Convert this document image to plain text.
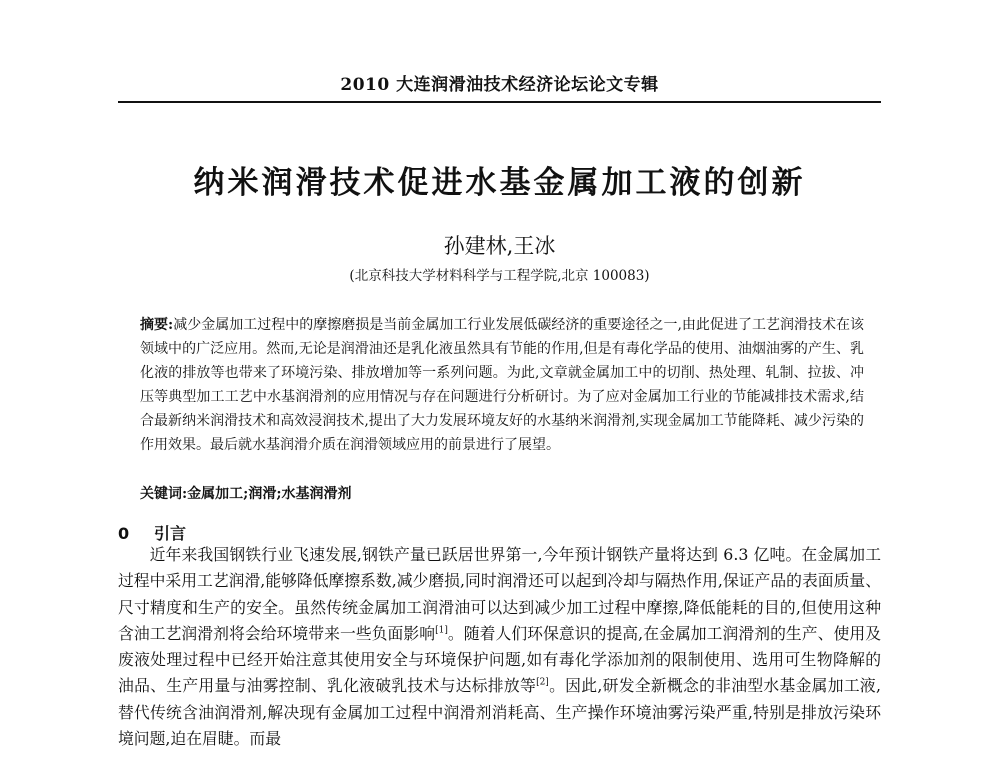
2010 大连润滑油技术经济论坛论文专辑
纳米润滑技术促进水基金属加工液的创新
孙建林,王冰
(北京科技大学材料科学与工程学院,北京 100083)
摘要:减少金属加工过程中的摩擦磨损是当前金属加工行业发展低碳经济的重要途径之一,由此促进了工艺润滑技术在该领域中的广泛应用。然而,无论是润滑油还是乳化液虽然具有节能的作用,但是有毒化学品的使用、油烟油雾的产生、乳化液的排放等也带来了环境污染、排放增加等一系列问题。为此,文章就金属加工中的切削、热处理、轧制、拉拔、冲压等典型加工工艺中水基润滑剂的应用情况与存在问题进行分析研讨。为了应对金属加工行业的节能减排技术需求,结合最新纳米润滑技术和高效浸润技术,提出了大力发展环境友好的水基纳米润滑剂,实现金属加工节能降耗、减少污染的作用效果。最后就水基润滑介质在润滑领域应用的前景进行了展望。
关键词:金属加工;润滑;水基润滑剂
0 引言
近年来我国钢铁行业飞速发展,钢铁产量已跃居世界第一,今年预计钢铁产量将达到 6.3 亿吨。在金属加工过程中采用工艺润滑,能够降低摩擦系数,减少磨损,同时润滑还可以起到冷却与隔热作用,保证产品的表面质量、尺寸精度和生产的安全。虽然传统金属加工润滑油可以达到减少加工过程中摩擦,降低能耗的目的,但使用这种含油工艺润滑剂将会给环境带来一些负面影响[1]。随着人们环保意识的提高,在金属加工润滑剂的生产、使用及废液处理过程中已经开始注意其使用安全与环境保护问题,如有毒化学添加剂的限制使用、选用可生物降解的油品、生产用量与油雾控制、乳化液破乳技术与达标排放等[2]。因此,研发全新概念的非油型水基金属加工液,替代传统含油润滑剂,解决现有金属加工过程中润滑剂消耗高、生产操作环境油雾污染严重,特别是排放污染环境问题,迫在眉睫。而最
